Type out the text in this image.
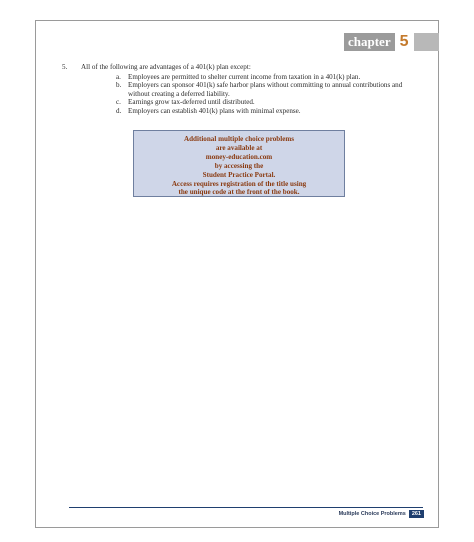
chapter 5
5.	All of the following are advantages of a 401(k) plan except:
a. Employees are permitted to shelter current income from taxation in a 401(k) plan.
b. Employers can sponsor 401(k) safe harbor plans without committing to annual contributions and without creating a deferred liability.
c. Earnings grow tax-deferred until distributed.
d. Employers can establish 401(k) plans with minimal expense.
Additional multiple choice problems
are available at
money-education.com
by accessing the
Student Practice Portal.
Access requires registration of the title using
the unique code at the front of the book.
Multiple Choice Problems	261
